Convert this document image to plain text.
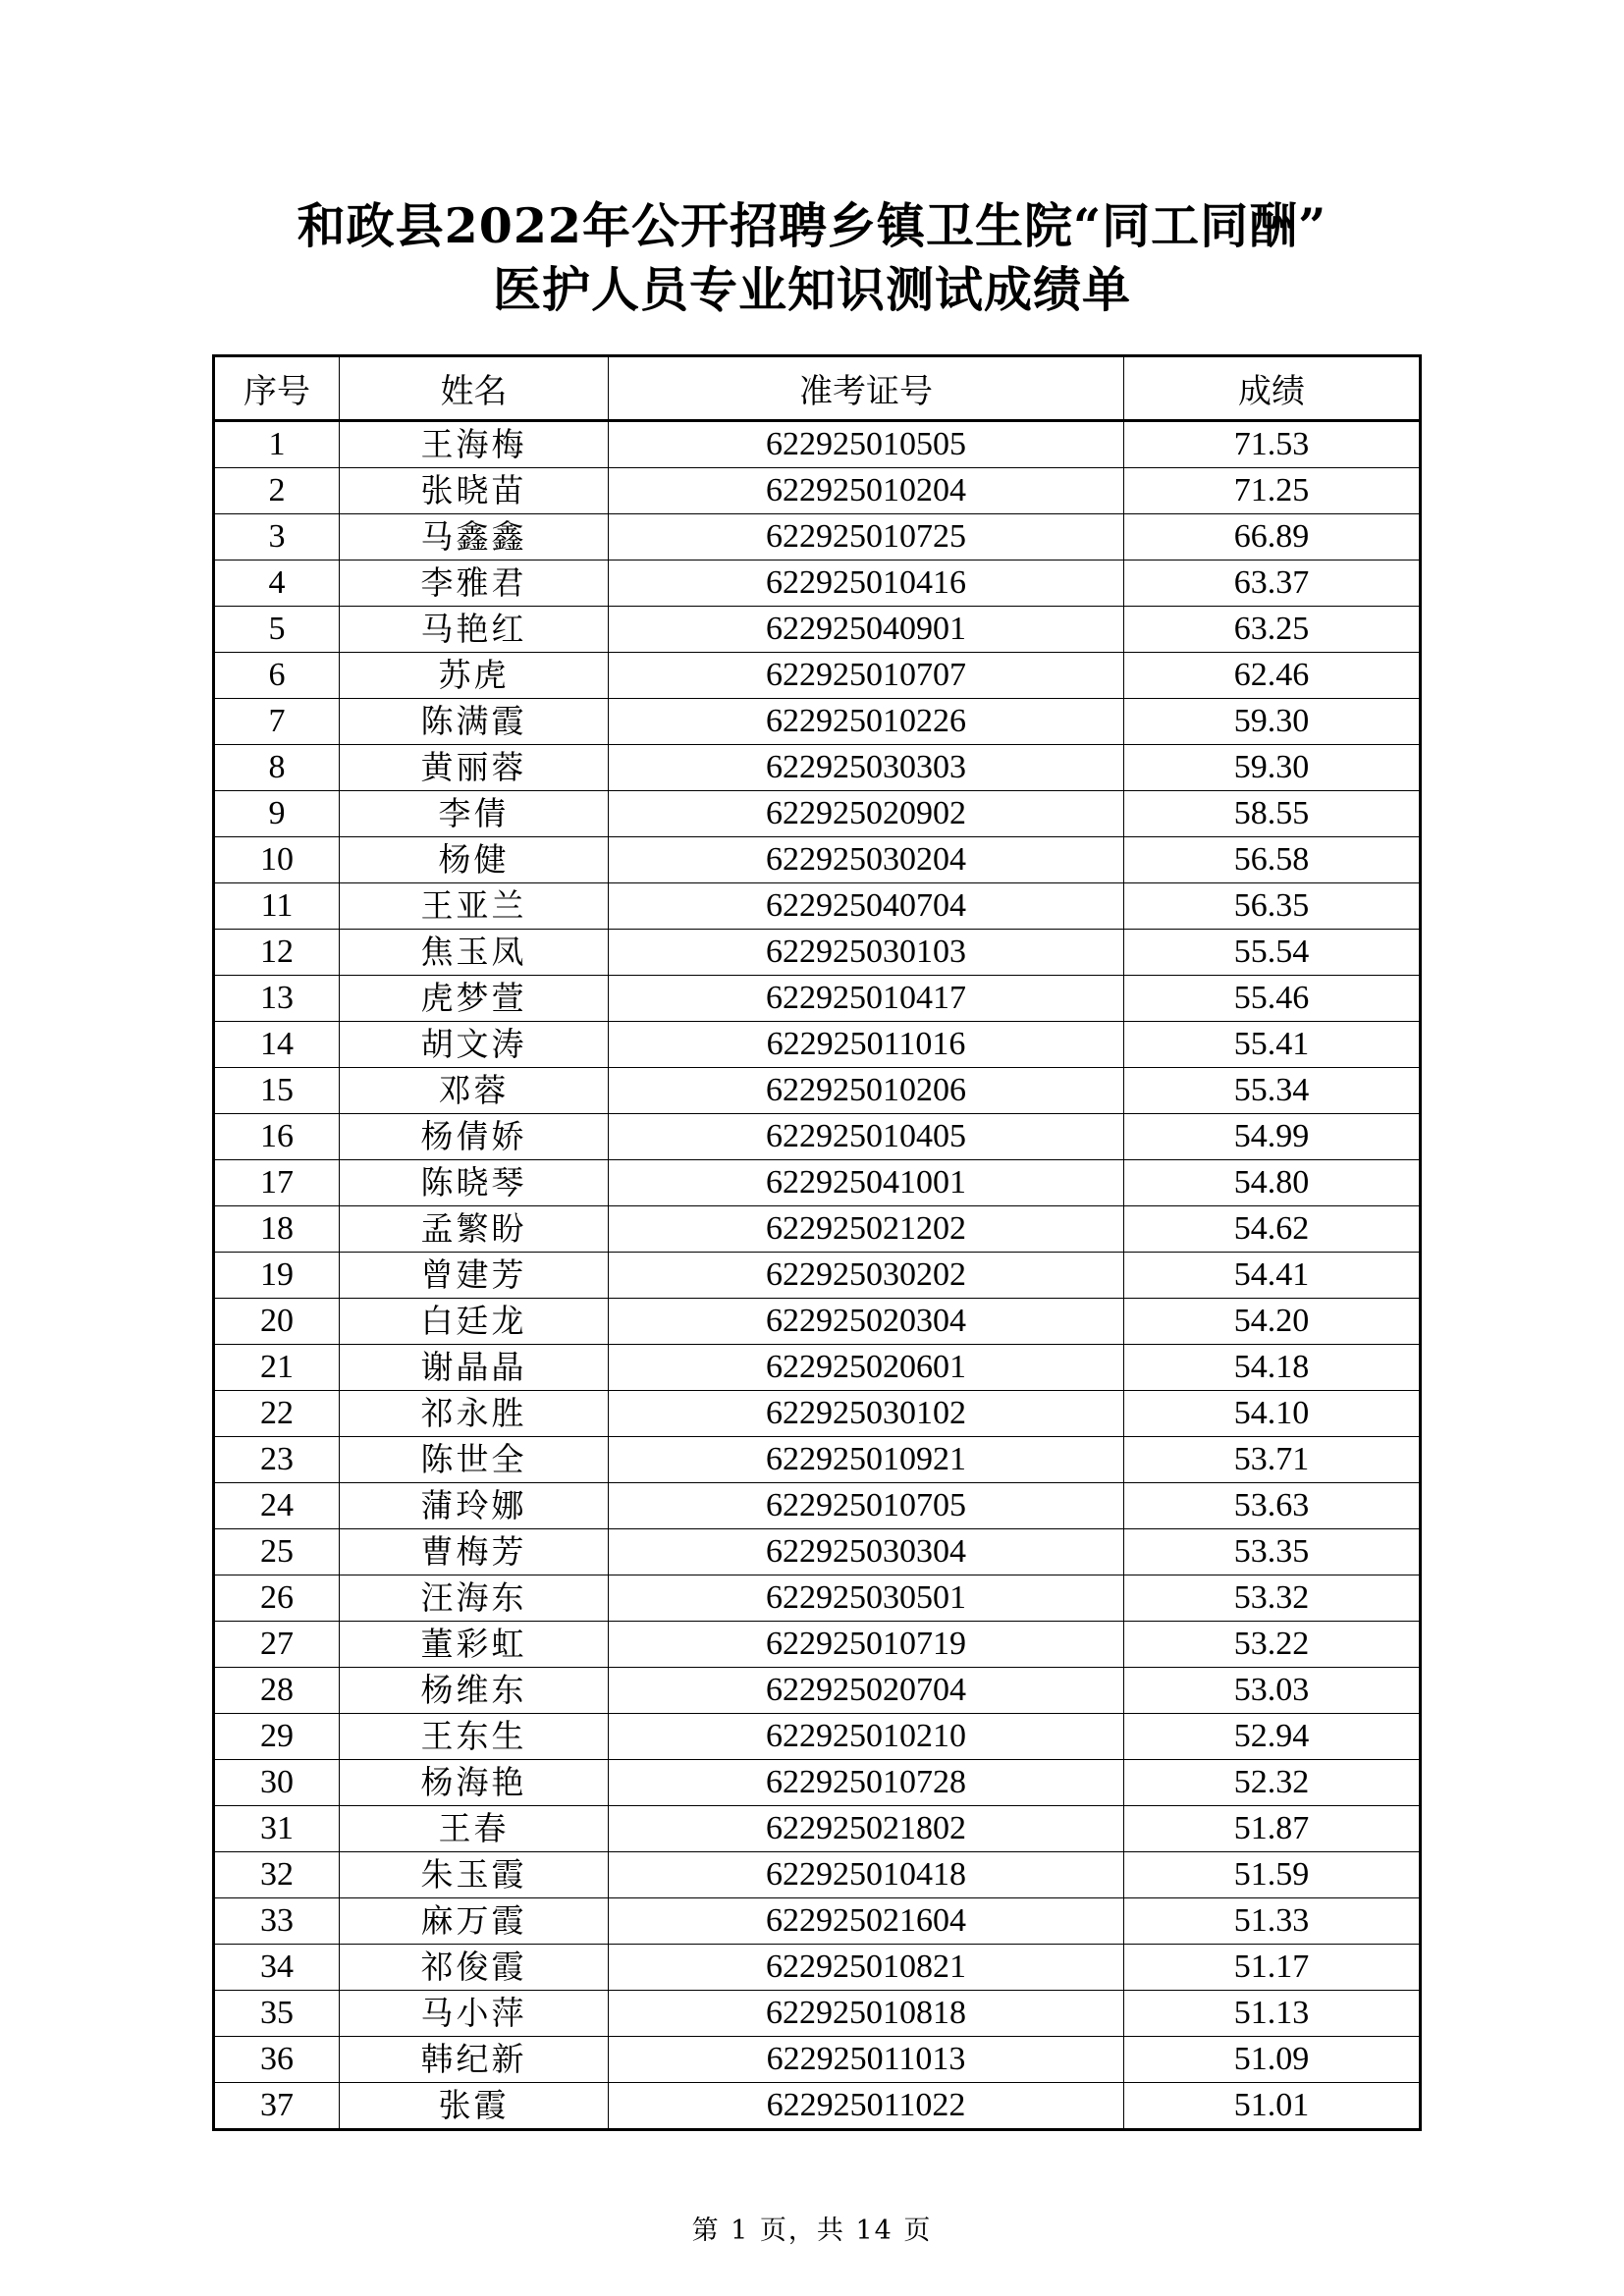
和政县2022年公开招聘乡镇卫生院“同工同酬”
医护人员专业知识测试成绩单
序号	姓名	准考证号	成绩
1	王海梅	622925010505	71.53
2	张晓苗	622925010204	71.25
3	马鑫鑫	622925010725	66.89
4	李雅君	622925010416	63.37
5	马艳红	622925040901	63.25
6	苏虎	622925010707	62.46
7	陈满霞	622925010226	59.30
8	黄丽蓉	622925030303	59.30
9	李倩	622925020902	58.55
10	杨健	622925030204	56.58
11	王亚兰	622925040704	56.35
12	焦玉凤	622925030103	55.54
13	虎梦萱	622925010417	55.46
14	胡文涛	622925011016	55.41
15	邓蓉	622925010206	55.34
16	杨倩娇	622925010405	54.99
17	陈晓琴	622925041001	54.80
18	孟繁盼	622925021202	54.62
19	曾建芳	622925030202	54.41
20	白廷龙	622925020304	54.20
21	谢晶晶	622925020601	54.18
22	祁永胜	622925030102	54.10
23	陈世全	622925010921	53.71
24	蒲玲娜	622925010705	53.63
25	曹梅芳	622925030304	53.35
26	汪海东	622925030501	53.32
27	董彩虹	622925010719	53.22
28	杨维东	622925020704	53.03
29	王东生	622925010210	52.94
30	杨海艳	622925010728	52.32
31	王春	622925021802	51.87
32	朱玉霞	622925010418	51.59
33	麻万霞	622925021604	51.33
34	祁俊霞	622925010821	51.17
35	马小萍	622925010818	51.13
36	韩纪新	622925011013	51.09
37	张霞	622925011022	51.01
第 1 页，共 14 页
